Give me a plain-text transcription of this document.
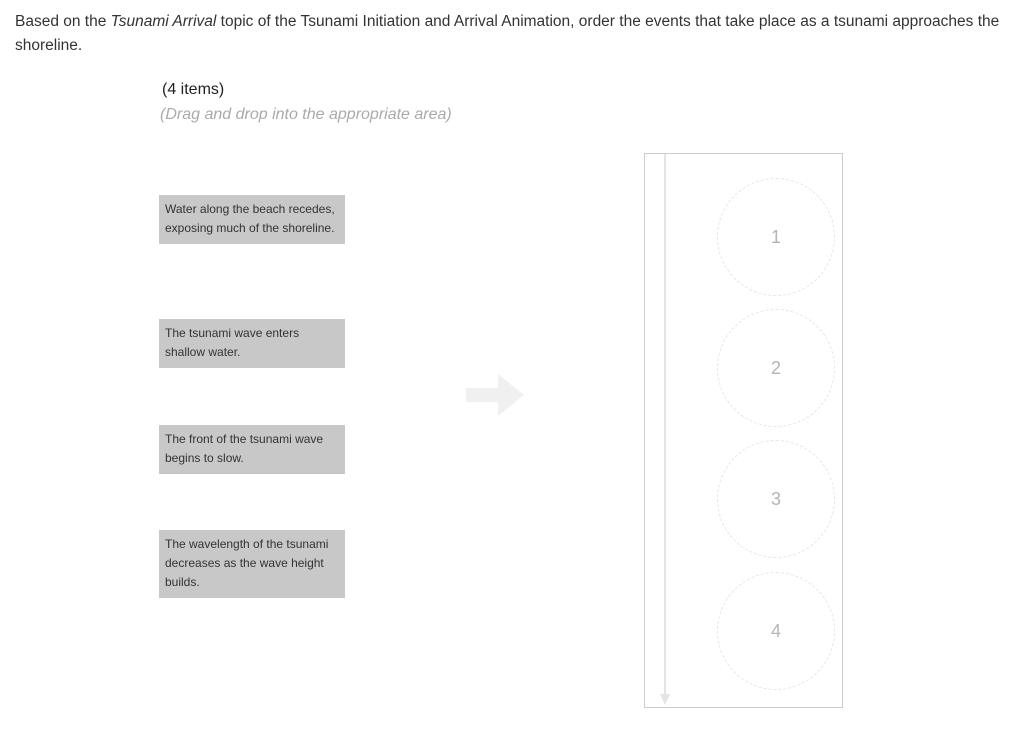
Based on the Tsunami Arrival topic of the Tsunami Initiation and Arrival Animation, order the events that take place as a tsunami approaches the shoreline.
(4 items)
(Drag and drop into the appropriate area)
Water along the beach recedes, exposing much of the shoreline.
The tsunami wave enters shallow water.
The front of the tsunami wave begins to slow.
The wavelength of the tsunami decreases as the wave height builds.
1
2
3
4
